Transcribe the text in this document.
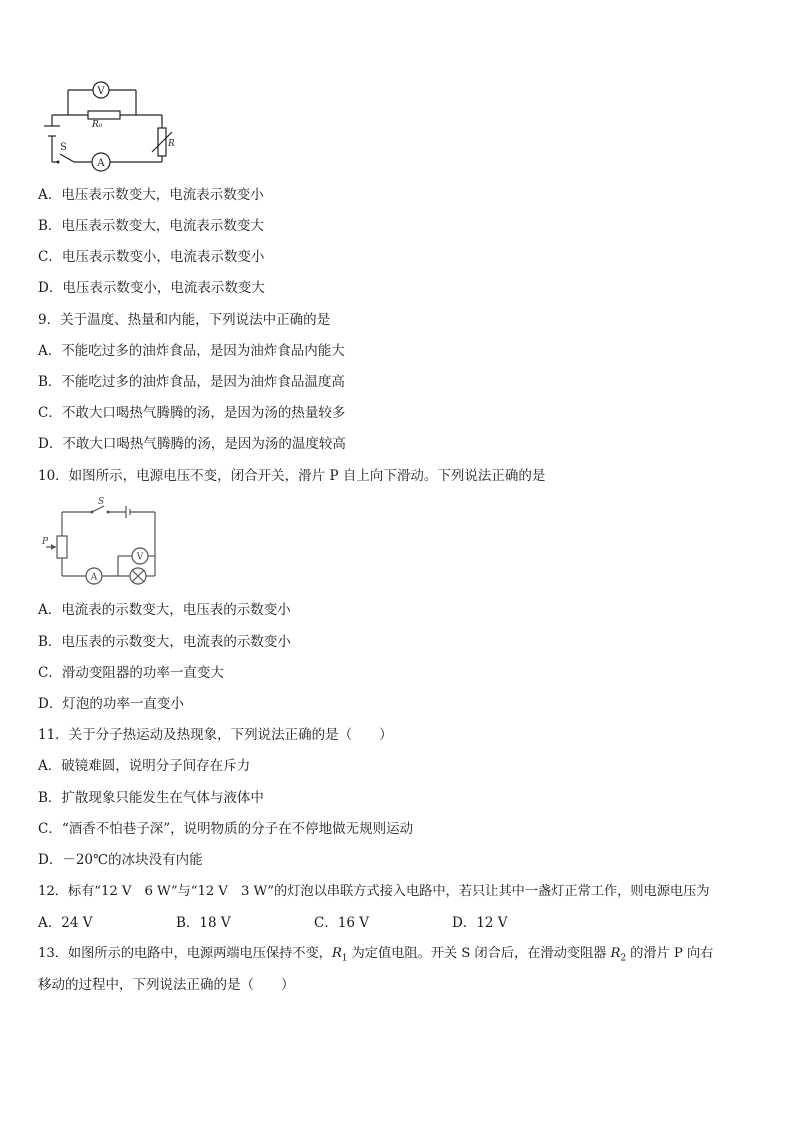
V
A
R₀
S	R
A．电压表示数变大，电流表示数变小
B．电压表示数变大，电流表示数变大
C．电压表示数变小，电流表示数变小
D．电压表示数变小，电流表示数变大
9．关于温度、热量和内能，下列说法中正确的是
A．不能吃过多的油炸食品，是因为油炸食品内能大
B．不能吃过多的油炸食品，是因为油炸食品温度高
C．不敢大口喝热气腾腾的汤，是因为汤的热量较多
D．不敢大口喝热气腾腾的汤，是因为汤的温度较高
10．如图所示，电源电压不变，闭合开关，滑片 P 自上向下滑动。下列说法正确的是
S
P
A
V
A．电流表的示数变大，电压表的示数变小
B．电压表的示数变大，电流表的示数变小
C．滑动变阻器的功率一直变大
D．灯泡的功率一直变小
11．关于分子热运动及热现象，下列说法正确的是（　　）
A．破镜难圆，说明分子间存在斥力
B．扩散现象只能发生在气体与液体中
C．“酒香不怕巷子深”，说明物质的分子在不停地做无规则运动
D．－20℃的冰块没有内能
12．标有“12 V　6 W”与“12 V　3 W”的灯泡以串联方式接入电路中，若只让其中一盏灯正常工作，则电源电压为
A．24 V	B．18 V	C．16 V	D．12 V
13．如图所示的电路中，电源两端电压保持不变，$R_1$ 为定值电阻。开关 S 闭合后，在滑动变阻器 $R_2$ 的滑片 P 向右
移动的过程中，下列说法正确的是（　　）
